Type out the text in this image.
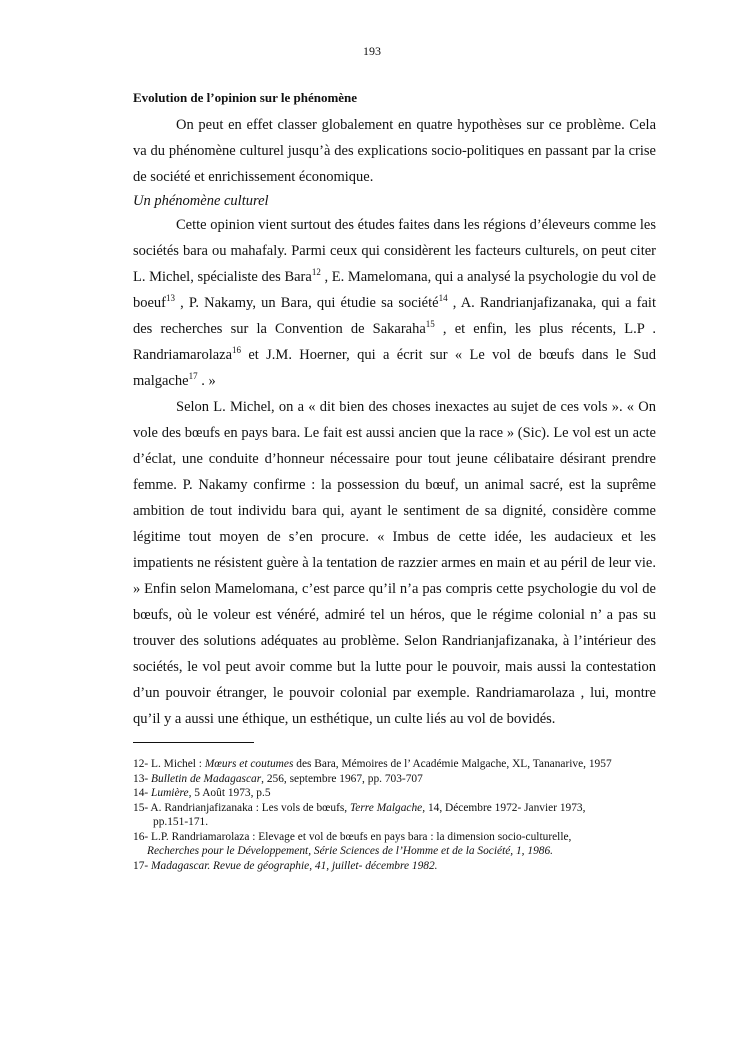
193

Evolution de l’opinion sur le phénomène

On peut en effet classer globalement en quatre hypothèses sur ce problème. Cela va du phénomène culturel jusqu’à des explications socio-politiques en passant par la crise de société et enrichissement économique.

Un phénomène culturel

Cette opinion vient surtout des études faites dans les régions d’éleveurs comme les sociétés bara ou mahafaly. Parmi ceux qui considèrent les facteurs culturels, on peut citer L. Michel, spécialiste des Bara$^{12}$ , E. Mamelomana, qui a analysé la psychologie du vol de boeuf$^{13}$ , P. Nakamy, un Bara, qui étudie sa société$^{14}$ , A. Randrianjafizanaka, qui a fait des recherches sur la Convention de Sakaraha$^{15}$ , et enfin, les plus récents, L.P . Randriamarolaza$^{16}$ et J.M. Hoerner, qui a écrit sur « Le vol de bœufs dans le Sud malgache$^{17}$ . »

Selon L. Michel, on a « dit bien des choses inexactes au sujet de ces vols ». « On vole des bœufs en pays bara. Le fait est aussi ancien que la race » (Sic). Le vol est un acte d’éclat, une conduite d’honneur nécessaire pour tout jeune célibataire désirant prendre femme. P. Nakamy confirme : la possession du bœuf, un animal sacré, est la suprême ambition de tout individu bara qui, ayant le sentiment de sa dignité, considère comme légitime tout moyen de s’en procure. « Imbus de cette idée, les audacieux et les impatients ne résistent guère à la tentation de razzier armes en main et au péril de leur vie. » Enfin selon Mamelomana, c’est parce qu’il n’a pas compris cette psychologie du vol de bœufs, où le voleur est vénéré, admiré tel un héros, que le régime colonial n’ a pas su trouver des solutions adéquates au problème. Selon Randrianjafizanaka, à l’intérieur des sociétés, le vol peut avoir comme but la lutte pour le pouvoir, mais aussi la contestation d’un pouvoir étranger, le pouvoir colonial par exemple. Randriamarolaza , lui, montre qu’il y a aussi une éthique, un esthétique, un culte liés au vol de bovidés.

12- L. Michel : Mœurs et coutumes des Bara, Mémoires de l’ Académie Malgache, XL, Tananarive, 1957

13- Bulletin de Madagascar, 256, septembre 1967, pp. 703-707

14- Lumière, 5 Août 1973, p.5

15- A. Randrianjafizanaka : Les vols de bœufs, Terre Malgache, 14, Décembre 1972- Janvier 1973,

pp.151-171.

16- L.P. Randriamarolaza : Elevage et vol de bœufs en pays bara : la dimension socio-culturelle,

Recherches pour le Développement, Série Sciences de l’Homme et de la Société, 1, 1986.

17- Madagascar. Revue de géographie, 41, juillet- décembre 1982.
